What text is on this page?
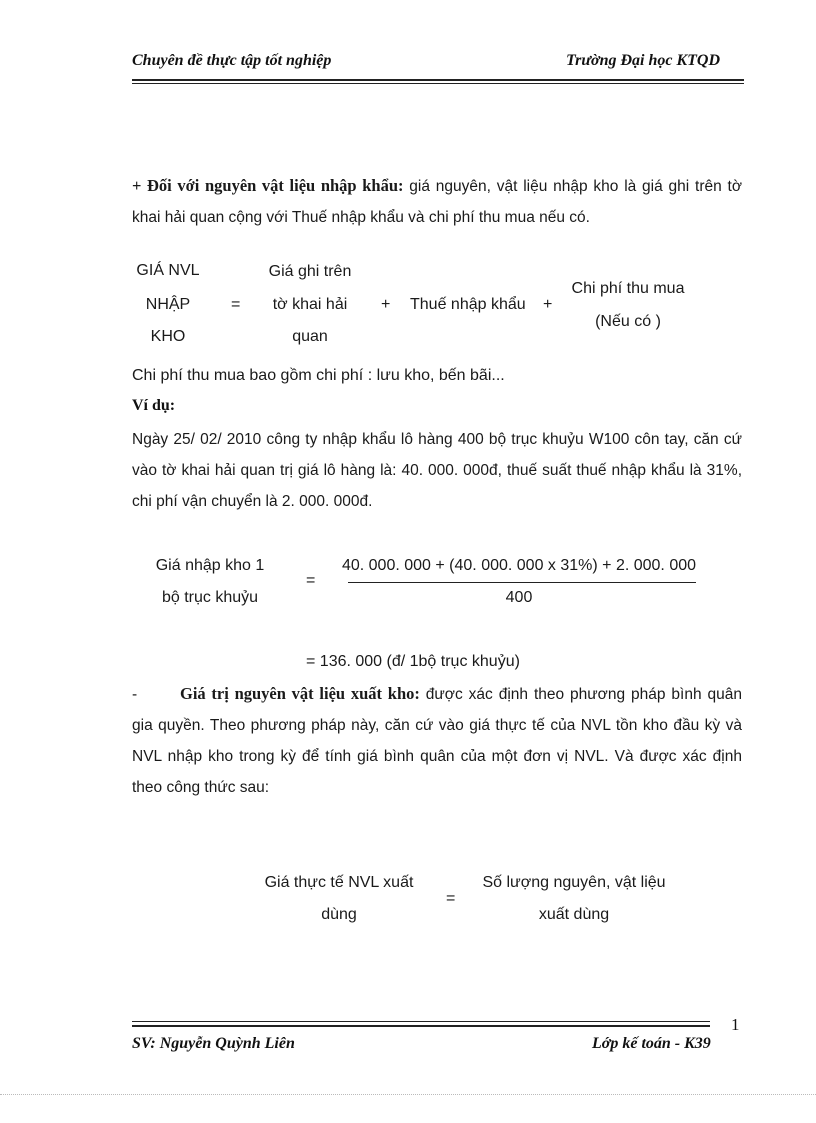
Chuyên đề thực tập tốt nghiệp	Trường Đại học KTQD
+ Đối với nguyên vật liệu nhập khẩu: giá nguyên, vật liệu nhập kho là giá ghi trên tờ khai hải quan cộng với Thuế nhập khẩu và chi phí thu mua nếu có.
GIÁ NVL
NHẬP
KHO
=
Giá ghi trên
tờ khai hải
quan
+ Thuế nhập khẩu +
Chi phí thu mua
(Nếu có )
Chi phí thu mua bao gồm chi phí : lưu kho, bến bãi...
Ví dụ:
Ngày 25/ 02/ 2010 công ty nhập khẩu lô hàng 400 bộ trục khuỷu W100 côn tay, căn cứ vào tờ khai hải quan trị giá lô hàng là: 40. 000. 000đ, thuế suất thuế nhập khẩu là 31%, chi phí vận chuyển là 2. 000. 000đ.
Giá nhập kho 1
bộ trục khuỷu
=
40. 000. 000 + (40. 000. 000 x 31%) + 2. 000. 000
400
= 136. 000 (đ/ 1bộ trục khuỷu)
-	Giá trị nguyên vật liệu xuất kho: được xác định theo phương pháp bình quân gia quyền. Theo phương pháp này, căn cứ vào giá thực tế của NVL tồn kho đầu kỳ và NVL nhập kho trong kỳ để tính giá bình quân của một đơn vị NVL. Và được xác định theo công thức sau:
Giá thực tế NVL xuất
dùng
=
Số lượng nguyên, vật liệu
xuất dùng
1
SV: Nguyễn Quỳnh Liên	Lớp kế toán - K39
